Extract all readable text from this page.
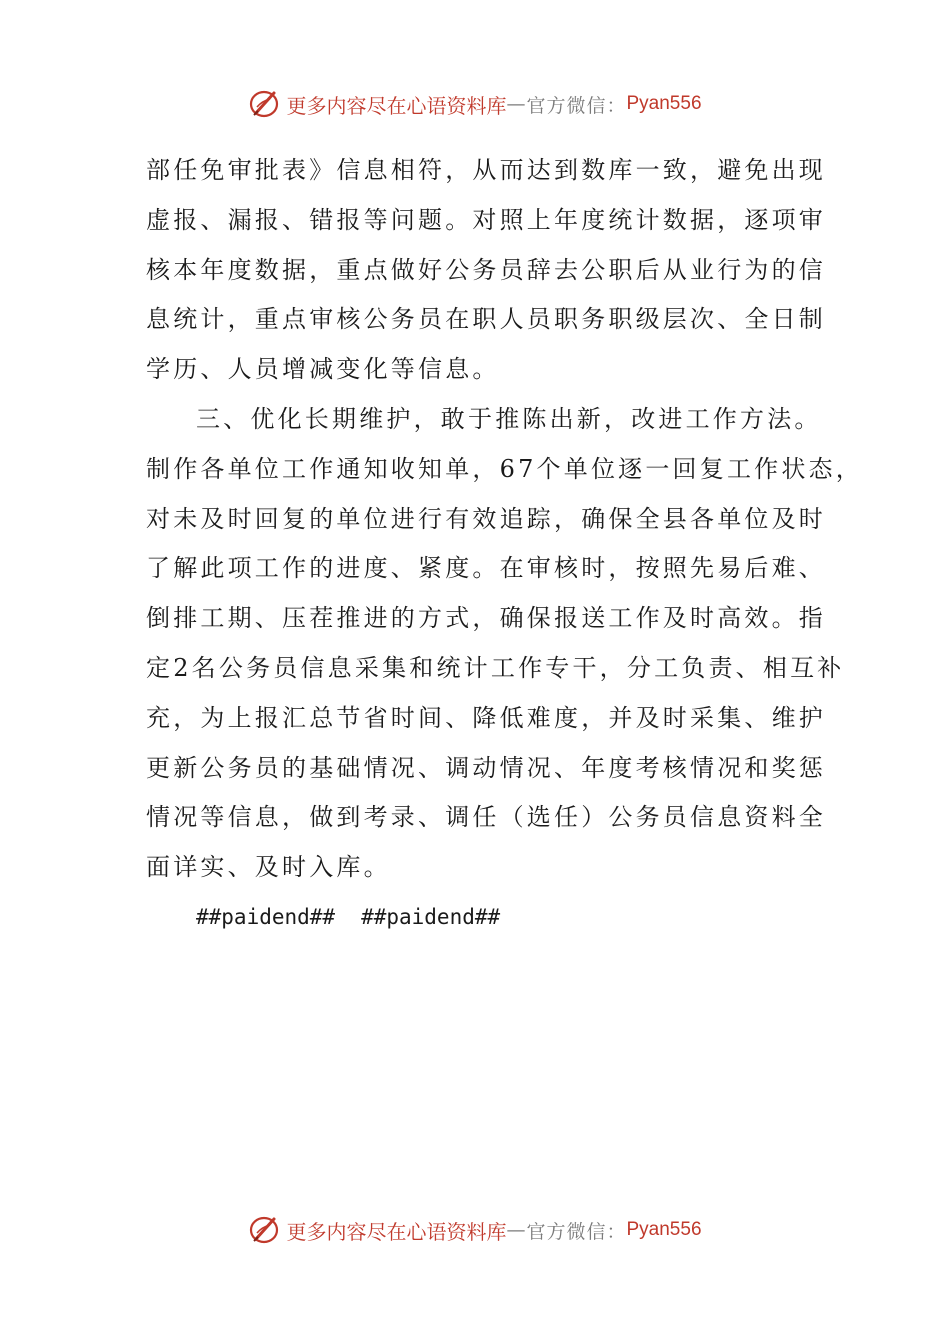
更多内容尽在心语资料库 — 官方微信： Pyan556
部任免审批表》信息相符，从而达到数库一致，避免出现
虚报、漏报、错报等问题。对照上年度统计数据，逐项审
核本年度数据，重点做好公务员辞去公职后从业行为的信
息统计，重点审核公务员在职人员职务职级层次、全日制
学历、人员增减变化等信息。
三、优化长期维护，敢于推陈出新，改进工作方法。
制作各单位工作通知收知单，67个单位逐一回复工作状态，
对未及时回复的单位进行有效追踪，确保全县各单位及时
了解此项工作的进度、紧度。在审核时，按照先易后难、
倒排工期、压茬推进的方式，确保报送工作及时高效。指
定2名公务员信息采集和统计工作专干，分工负责、相互补
充，为上报汇总节省时间、降低难度，并及时采集、维护
更新公务员的基础情况、调动情况、年度考核情况和奖惩
情况等信息，做到考录、调任（选任）公务员信息资料全
面详实、及时入库。
##paidend## ##paidend##
更多内容尽在心语资料库 — 官方微信： Pyan556
